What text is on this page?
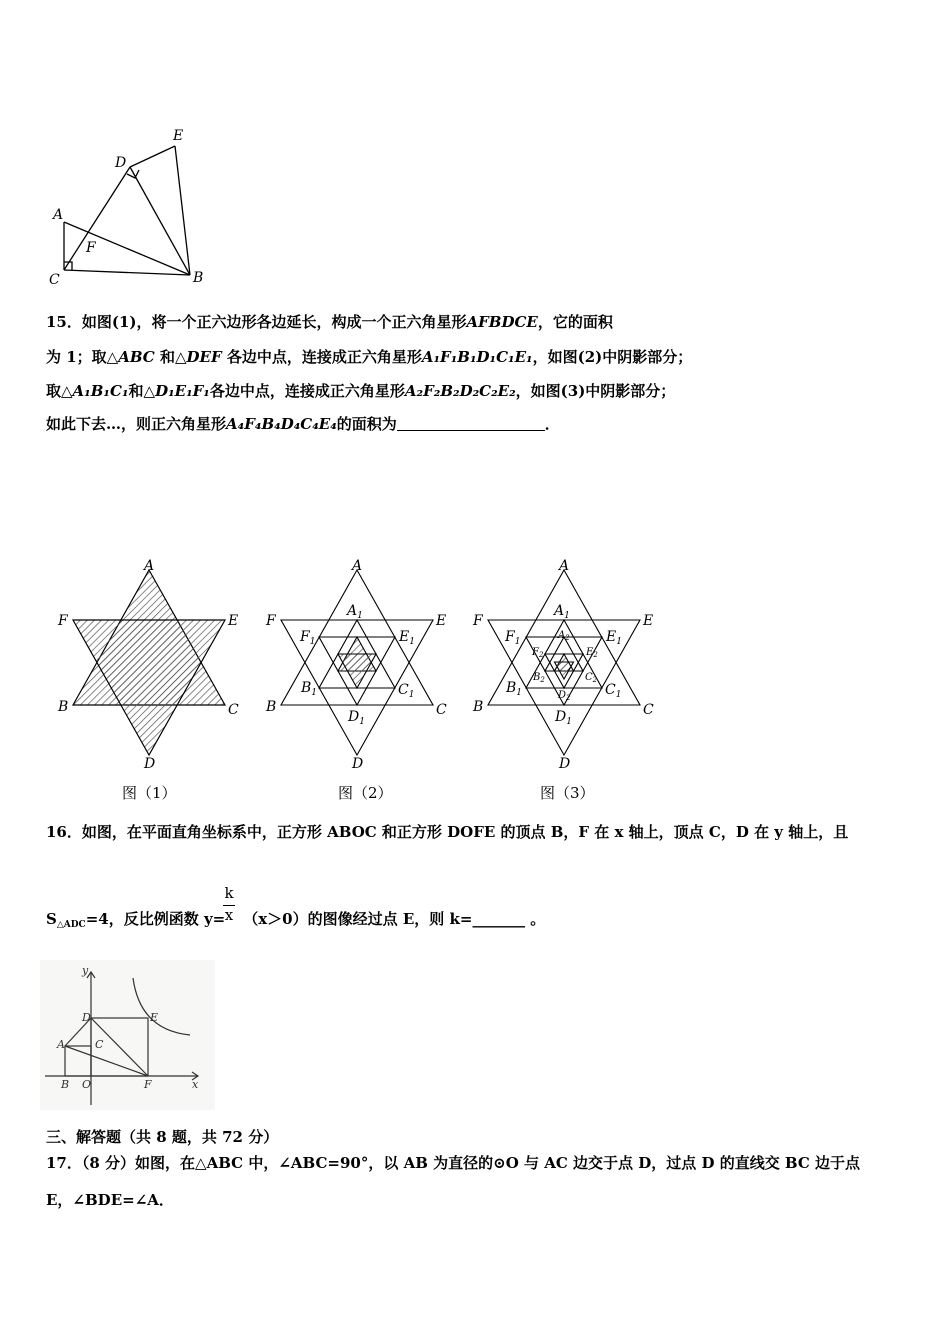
A
B
C
D
E
F
15．如图(1)，将一个正六边形各边延长，构成一个正六角星形AFBDCE，它的面积
为 1；取△ABC 和△DEF 各边中点，连接成正六角星形A₁F₁B₁D₁C₁E₁，如图(2)中阴影部分；
取△A₁B₁C₁和△D₁E₁F₁各边中点，连接成正六角星形A₂F₂B₂D₂C₂E₂，如图(3)中阴影部分；
如此下去…，则正六角星形A₄F₄B₄D₄C₄E₄的面积为	．
A
B	C
D
E
F
A
B	C
D
E
F
$A_1$
$B_1$	$C_1$
$D_1$
$E_1$
$F_1$
A
B	C
D
E
F
$A_1$
$B_1$	$C_1$
$D_1$
$E_1$
$F_1$
$A_2$
$B_2$	$C_2$
$D_2$
$E_2$
$F_2$
图（1）	图（2）	图（3）
16．如图，在平面直角坐标系中，正方形 ABOC 和正方形 DOFE 的顶点 B，F 在 x 轴上，顶点 C，D 在 y 轴上，且
k
x
$S_{\triangle ADC}=4$，反比例函数 y= （x＞0）的图像经过点 E，则 k=_______ 。
y
x
D	E
A	C
B O	F
三、解答题（共 8 题，共 72 分）
17．（8 分）如图，在△ABC 中，∠ABC=90°，以 AB 为直径的⊙O 与 AC 边交于点 D，过点 D 的直线交 BC 边于点
E，∠BDE=∠A．
